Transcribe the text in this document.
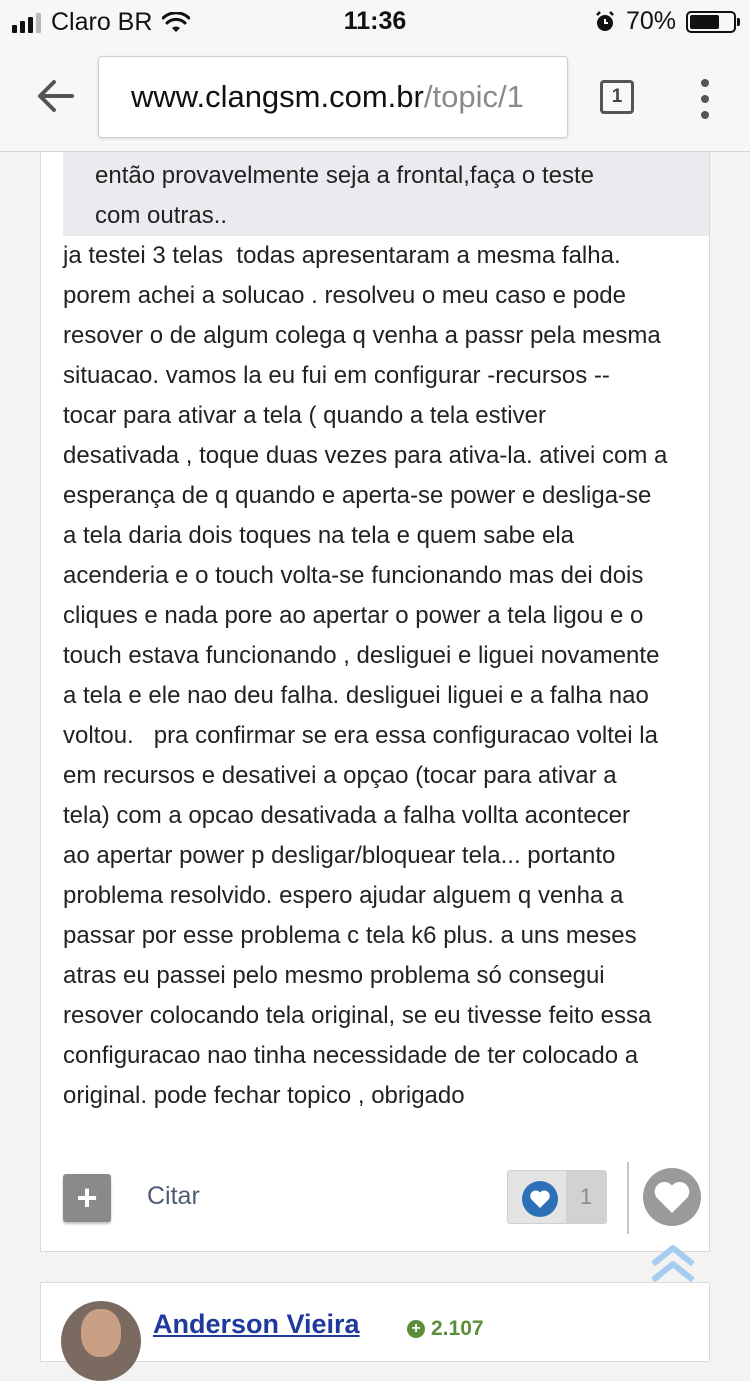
Claro BR	11:36	70%
www.clangsm.com.br/topic/1	1
então provavelmente seja a frontal,faça o teste
com outras..
ja testei 3 telas  todas apresentaram a mesma falha.
porem achei a solucao . resolveu o meu caso e pode
resover o de algum colega q venha a passr pela mesma
situacao. vamos la eu fui em configurar -recursos --
tocar para ativar a tela ( quando a tela estiver
desativada , toque duas vezes para ativa-la. ativei com a
esperança de q quando e aperta-se power e desliga-se
a tela daria dois toques na tela e quem sabe ela
acenderia e o touch volta-se funcionando mas dei dois
cliques e nada pore ao apertar o power a tela ligou e o
touch estava funcionando , desliguei e liguei novamente
a tela e ele nao deu falha. desliguei liguei e a falha nao
voltou.   pra confirmar se era essa configuracao voltei la
em recursos e desativei a opçao (tocar para ativar a
tela) com a opcao desativada a falha vollta acontecer
ao apertar power p desligar/bloquear tela... portanto
problema resolvido. espero ajudar alguem q venha a
passar por esse problema c tela k6 plus. a uns meses
atras eu passei pelo mesmo problema só consegui
resover colocando tela original, se eu tivesse feito essa
configuracao nao tinha necessidade de ter colocado a
original. pode fechar topico , obrigado
+	Citar	1
Anderson Vieira	+ 2.107
